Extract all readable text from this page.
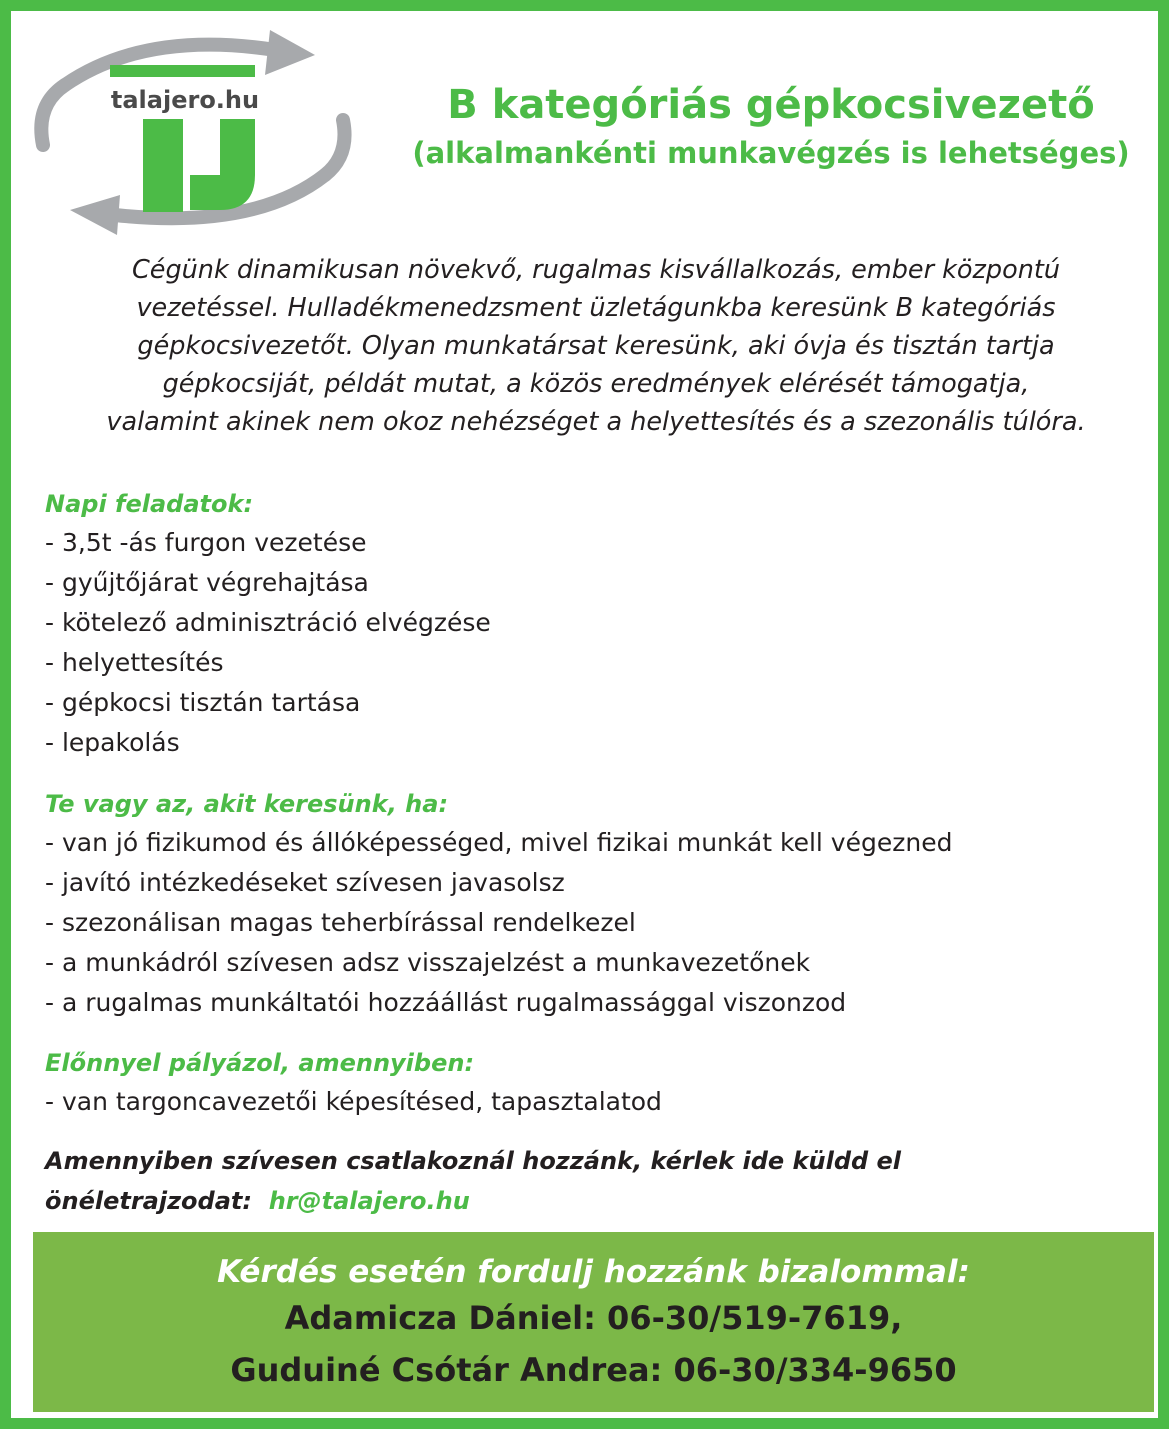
talajero.hu	B kategóriás gépkocsivezető
(alkalmankénti munkavégzés is lehetséges)
Cégünk dinamikusan növekvő, rugalmas kisvállalkozás, ember központú
vezetéssel. Hulladékmenedzsment üzletágunkba keresünk B kategóriás
gépkocsivezetőt. Olyan munkatársat keresünk, aki óvja és tisztán tartja
gépkocsiját, példát mutat, a közös eredmények elérését támogatja,
valamint akinek nem okoz nehézséget a helyettesítés és a szezonális túlóra.
Napi feladatok:
- 3,5t -ás furgon vezetése
- gyűjtőjárat végrehajtása
- kötelező adminisztráció elvégzése
- helyettesítés
- gépkocsi tisztán tartása
- lepakolás
Te vagy az, akit keresünk, ha:
- van jó fizikumod és állóképességed, mivel fizikai munkát kell végezned
- javító intézkedéseket szívesen javasolsz
- szezonálisan magas teherbírással rendelkezel
- a munkádról szívesen adsz visszajelzést a munkavezetőnek
- a rugalmas munkáltatói hozzáállást rugalmassággal viszonzod
Előnnyel pályázol, amennyiben:
- van targoncavezetői képesítésed, tapasztalatod
Amennyiben szívesen csatlakoznál hozzánk, kérlek ide küldd el
önéletrajzodat:  hr@talajero.hu
Kérdés esetén fordulj hozzánk bizalommal:
Adamicza Dániel: 06-30/519-7619,
Guduiné Csótár Andrea: 06-30/334-9650
